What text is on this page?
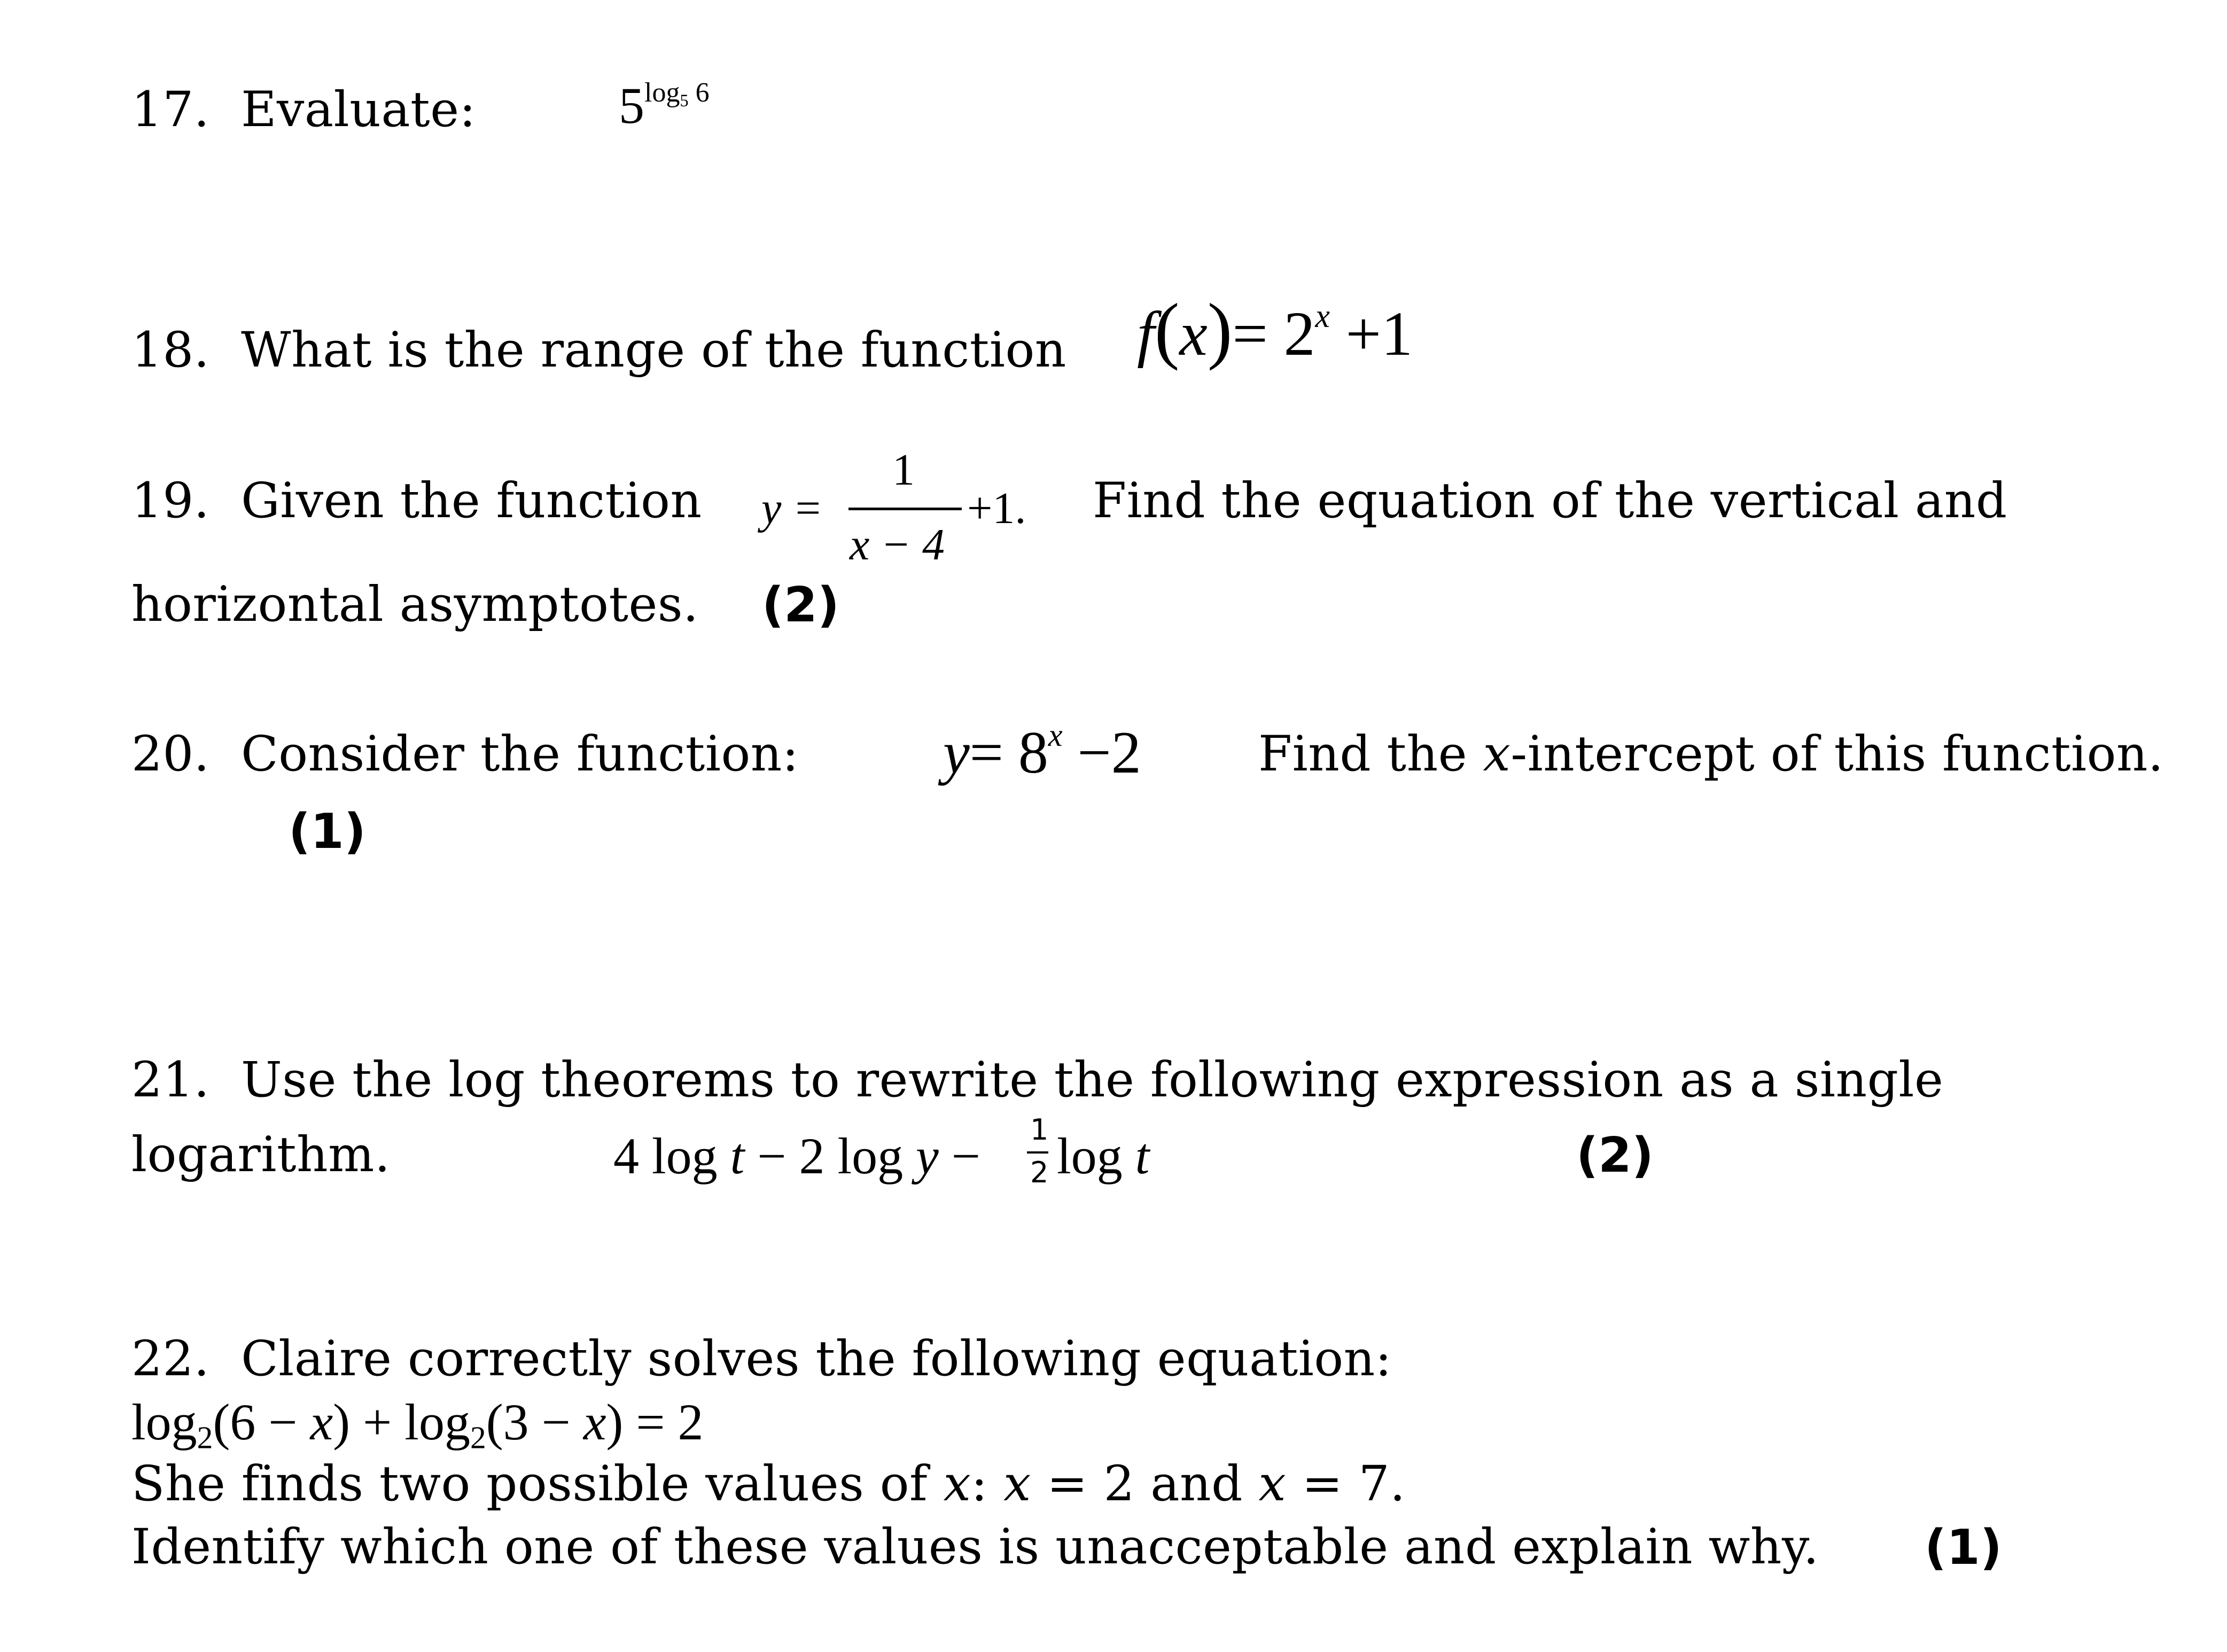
17. Evaluate:	$5^{log_5 6}$
18. What is the range of the function $f(x)= 2^x +1$
19. Given the function y =
1
x − 4
+1. Find the equation of the vertical and
horizontal asymptotes. (2)
20. Consider the function: $y= 8^x -2$ Find the x-intercept of this function.
(1)
21. Use the log theorems to rewrite the following expression as a single
logarithm.	4 log t − 2 log y − 1
2 log t	(2)
22. Claire correctly solves the following equation:
$\log_2(6 - x) + \log_2(3 - x) = 2$
She finds two possible values of x: x = 2 and x = 7.
Identify which one of these values is unacceptable and explain why. (1)
